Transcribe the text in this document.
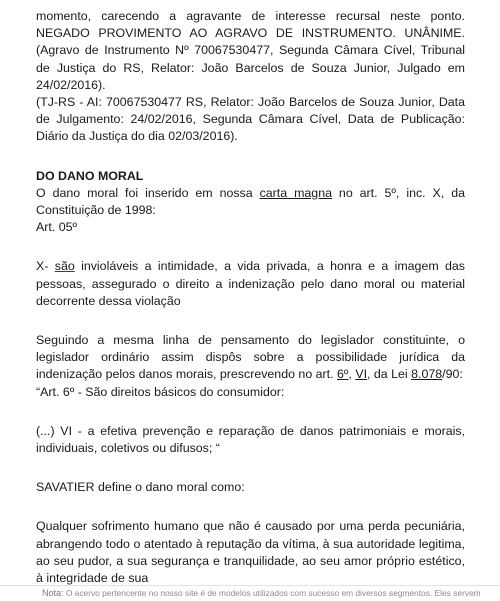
momento, carecendo a agravante de interesse recursal neste ponto. NEGADO PROVIMENTO AO AGRAVO DE INSTRUMENTO. UNÂNIME. (Agravo de Instrumento Nº 70067530477, Segunda Câmara Cível, Tribunal de Justiça do RS, Relator: João Barcelos de Souza Junior, Julgado em 24/02/2016).

(TJ-RS - AI: 70067530477 RS, Relator: João Barcelos de Souza Junior, Data de Julgamento: 24/02/2016, Segunda Câmara Cível, Data de Publicação: Diário da Justiça do dia 02/03/2016).

DO DANO MORAL

O dano moral foi inserido em nossa carta magna no art. 5º, inc. X, da Constituição de 1998:

Art. 05º

X- são invioláveis a intimidade, a vida privada, a honra e a imagem das pessoas, assegurado o direito a indenização pelo dano moral ou material decorrente dessa violação

Seguindo a mesma linha de pensamento do legislador constituinte, o legislador ordinário assim dispôs sobre a possibilidade jurídica da indenização pelos danos morais, prescrevendo no art. 6º, VI, da Lei 8.078/90:

“Art. 6º - São direitos básicos do consumidor:

(...) VI - a efetiva prevenção e reparação de danos patrimoniais e morais, individuais, coletivos ou difusos; “

SAVATIER define o dano moral como:

Qualquer sofrimento humano que não é causado por uma perda pecuniária, abrangendo todo o atentado à reputação da vítima, à sua autoridade legitima, ao seu pudor, a sua segurança e tranquilidade, ao seu amor próprio estético, à integridade de sua

Nota: O acervo pertencente no nosso site é de modelos utilizados com sucesso em diversos segmentos. Eles servem
